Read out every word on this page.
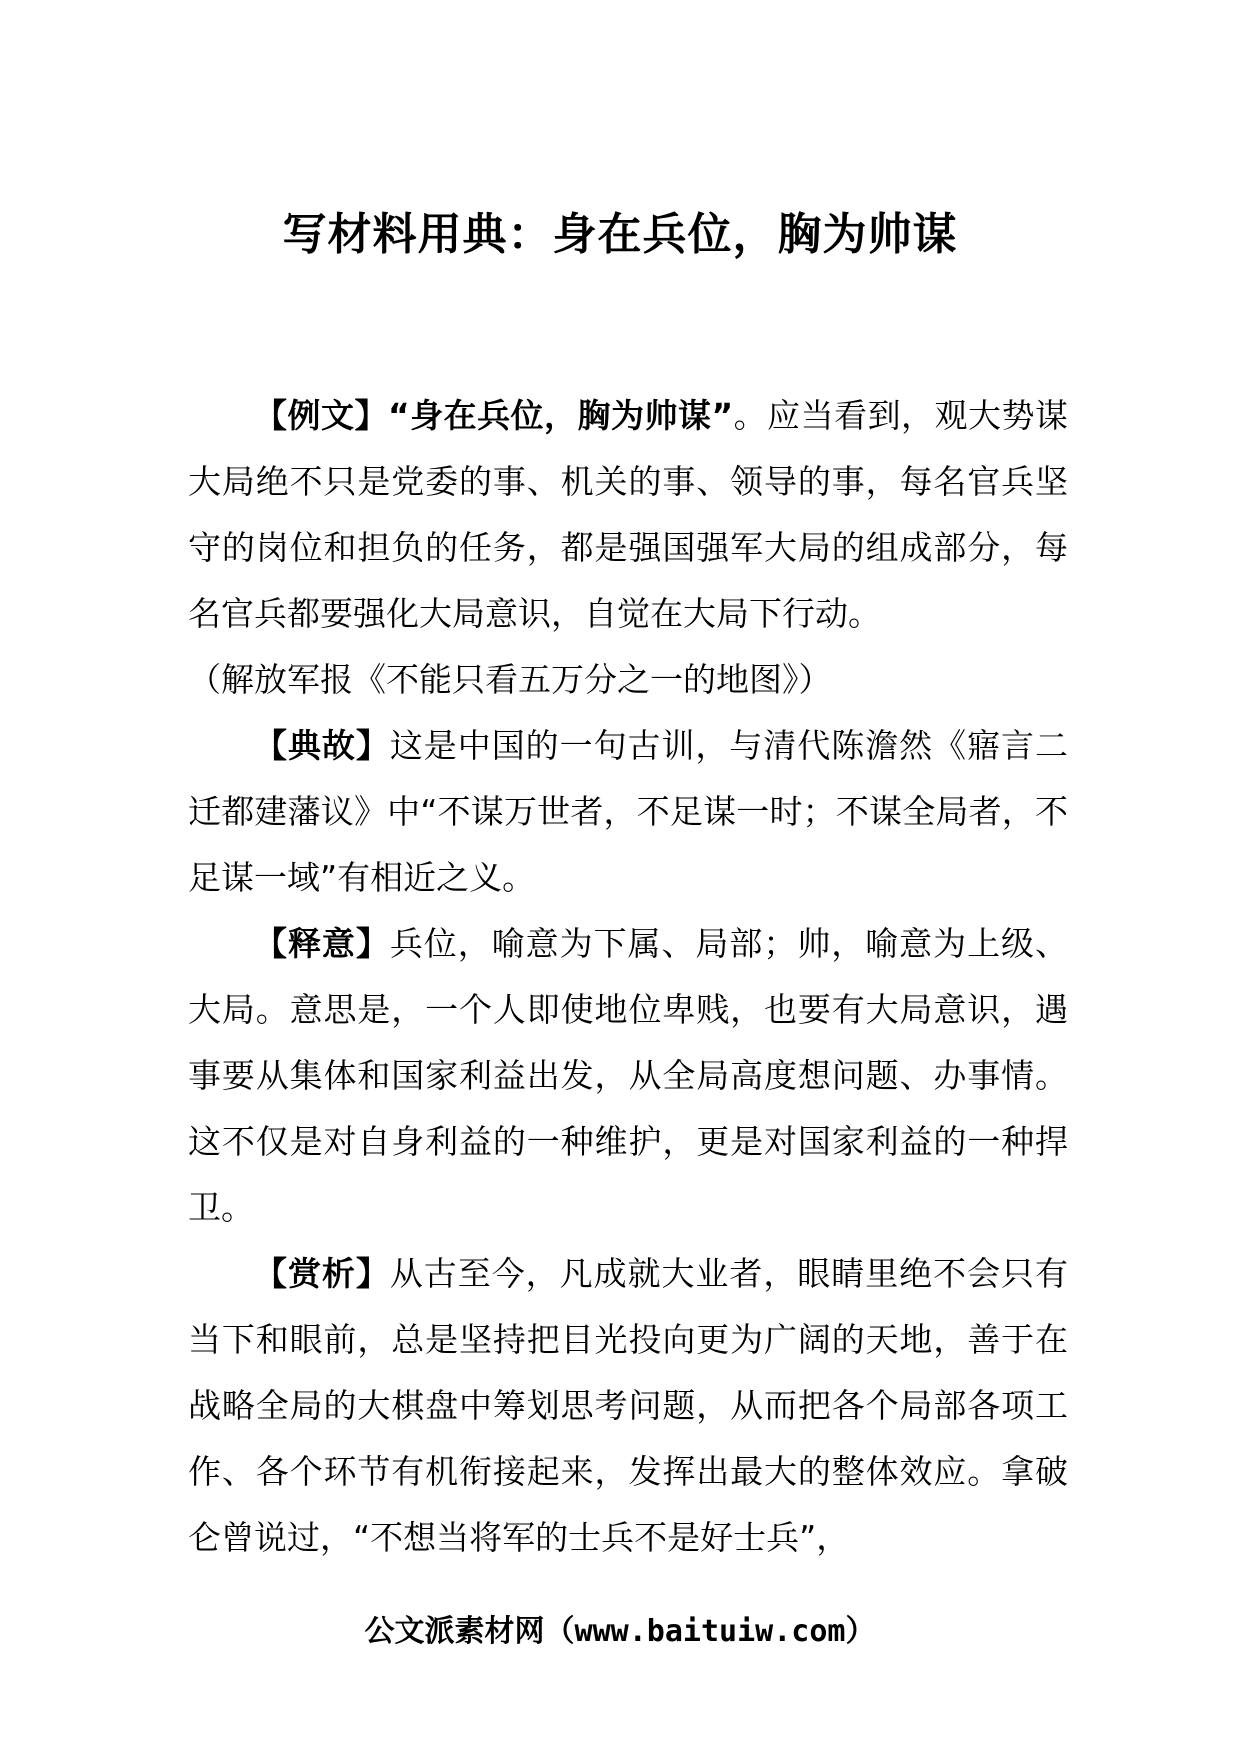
写材料用典：身在兵位，胸为帅谋

【例文】“身在兵位，胸为帅谋”。应当看到，观大势谋大局绝不只是党委的事、机关的事、领导的事，每名官兵坚守的岗位和担负的任务，都是强国强军大局的组成部分，每名官兵都要强化大局意识，自觉在大局下行动。

（解放军报《不能只看五万分之一的地图》）

【典故】这是中国的一句古训，与清代陈澹然《寤言二迁都建藩议》中“不谋万世者，不足谋一时；不谋全局者，不足谋一域”有相近之义。

【释意】兵位，喻意为下属、局部；帅，喻意为上级、大局。意思是，一个人即使地位卑贱，也要有大局意识，遇事要从集体和国家利益出发，从全局高度想问题、办事情。这不仅是对自身利益的一种维护，更是对国家利益的一种捍卫。

【赏析】从古至今，凡成就大业者，眼睛里绝不会只有当下和眼前，总是坚持把目光投向更为广阔的天地，善于在战略全局的大棋盘中筹划思考问题，从而把各个局部各项工作、各个环节有机衔接起来，发挥出最大的整体效应。拿破仑曾说过，“不想当将军的士兵不是好士兵”，

公文派素材网（www.baituiw.com）
